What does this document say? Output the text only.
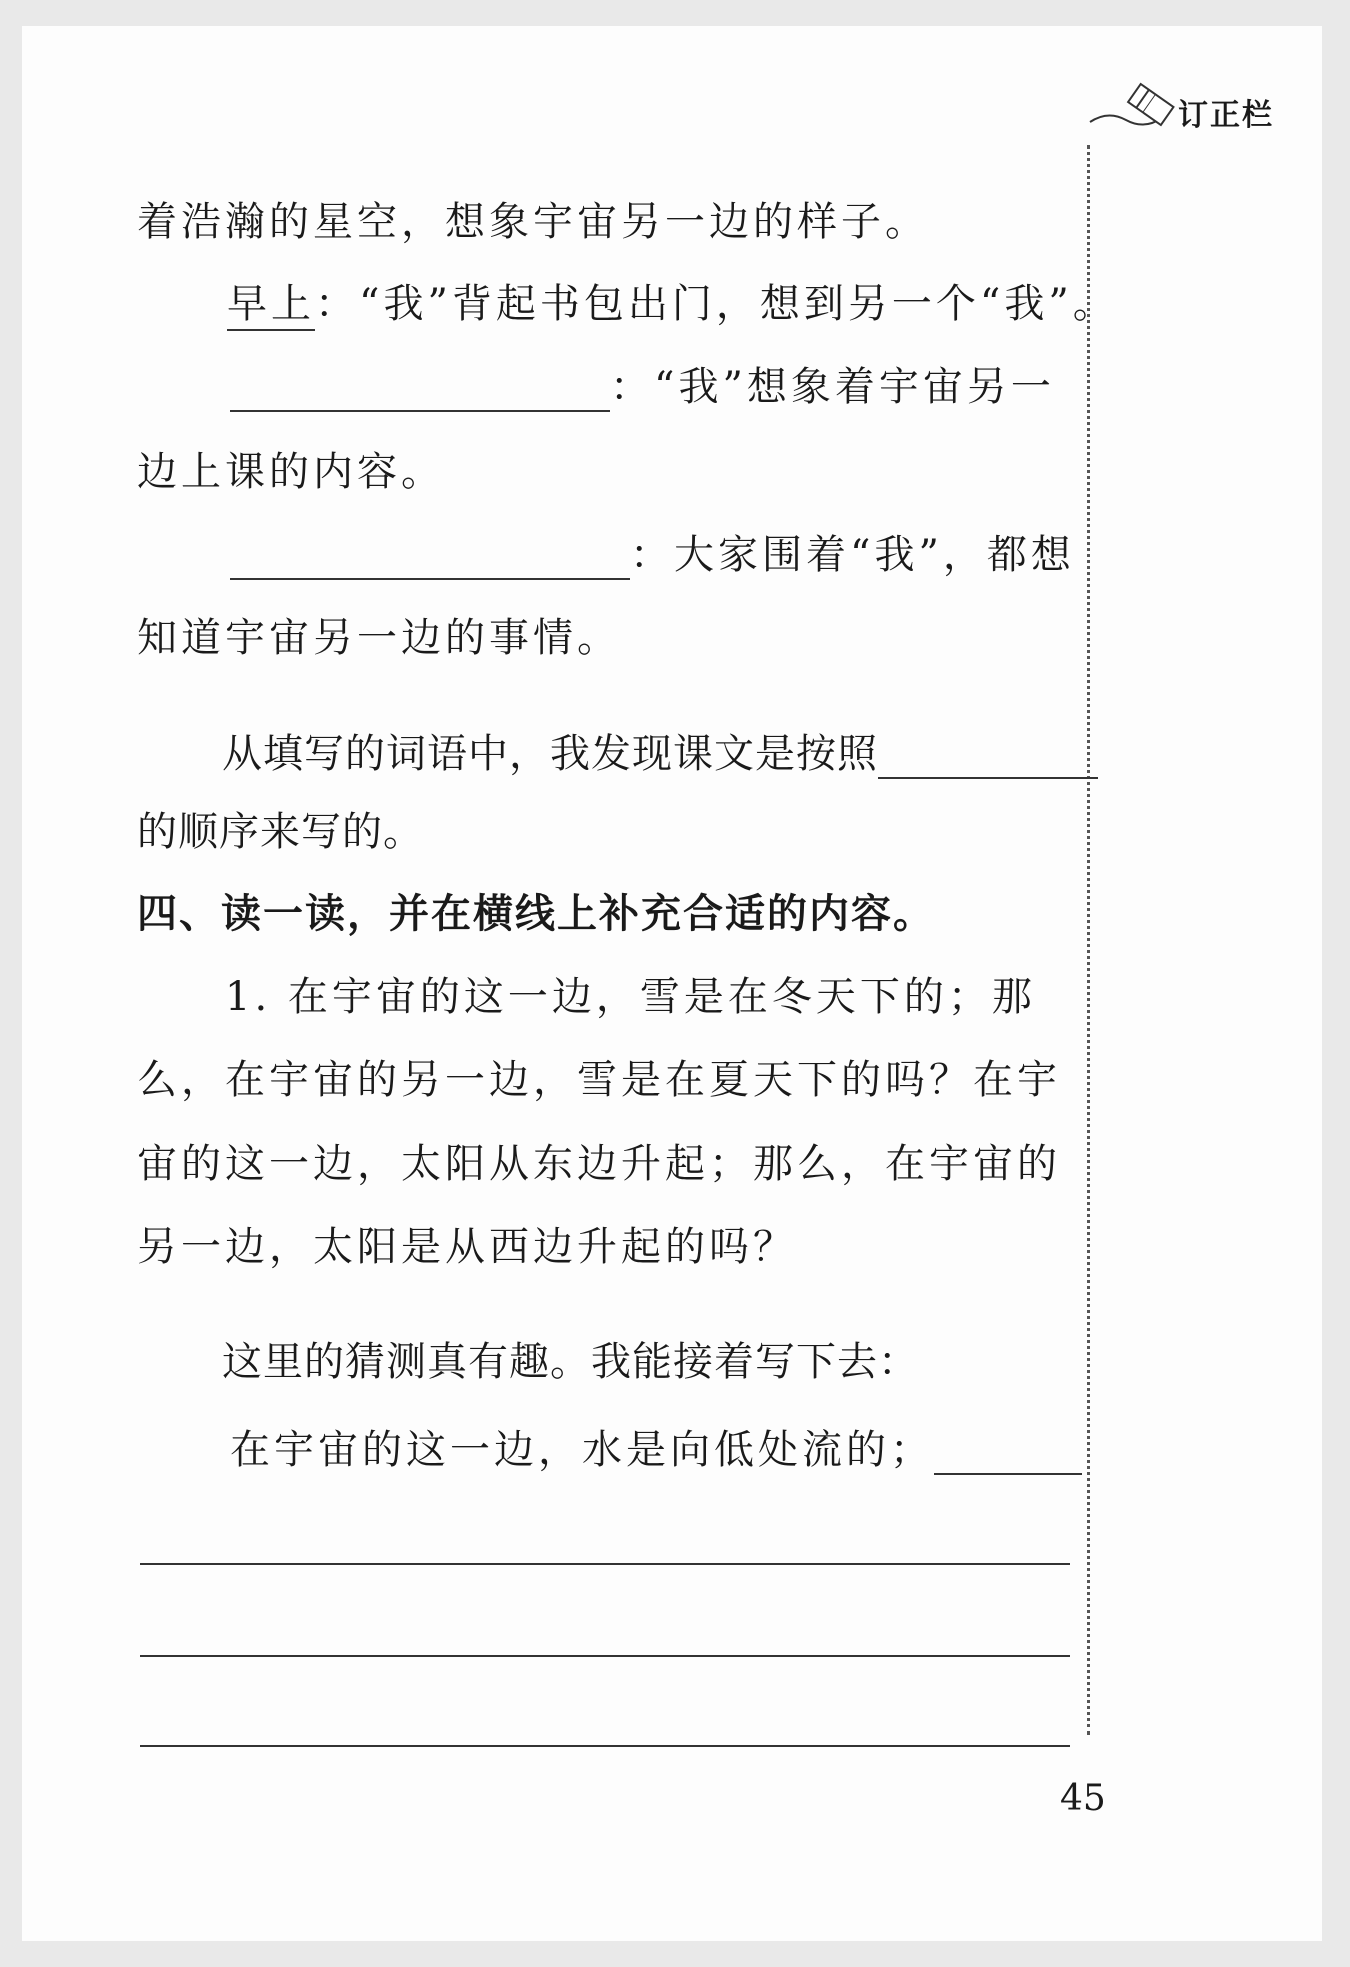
订正栏
着浩瀚的星空，想象宇宙另一边的样子。
早上：“我”背起书包出门，想到另一个“我”。
：“我”想象着宇宙另一
边上课的内容。
：大家围着“我”，都想
知道宇宙另一边的事情。
从填写的词语中，我发现课文是按照
的顺序来写的。
四、读一读，并在横线上补充合适的内容。
1. 在宇宙的这一边，雪是在冬天下的；那
么，在宇宙的另一边，雪是在夏天下的吗？在宇
宙的这一边，太阳从东边升起；那么，在宇宙的
另一边，太阳是从西边升起的吗？
这里的猜测真有趣。我能接着写下去：
在宇宙的这一边，水是向低处流的；
45
